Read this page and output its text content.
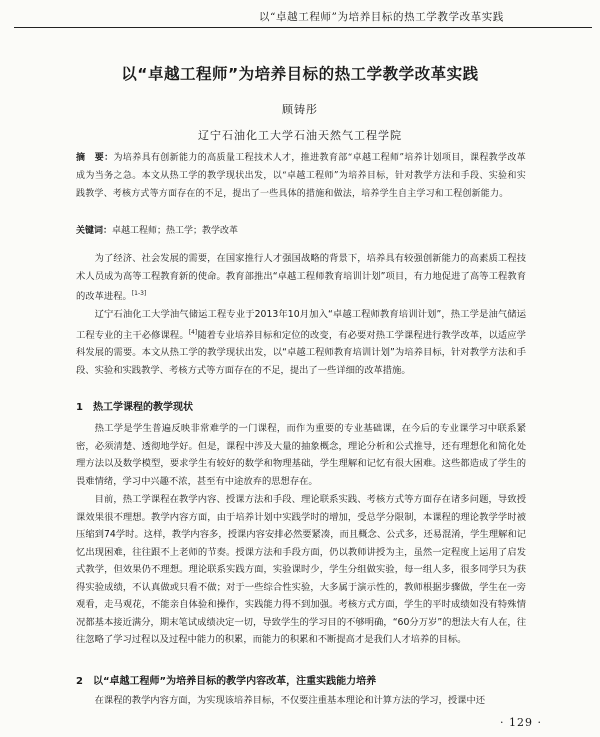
以“卓越工程师”为培养目标的热工学教学改革实践
以“卓越工程师”为培养目标的热工学教学改革实践
顾铸彤
辽宁石油化工大学石油天然气工程学院
摘　要：为培养具有创新能力的高质量工程技术人才，推进教育部“卓越工程师”培养计划项目，课程教学改革成为当务之急。本文从热工学的教学现状出发，以“卓越工程师”为培养目标，针对教学方法和手段、实验和实践教学、考核方式等方面存在的不足，提出了一些具体的措施和做法，培养学生自主学习和工程创新能力。
关键词：卓越工程师；热工学；教学改革

为了经济、社会发展的需要，在国家推行人才强国战略的背景下，培养具有较强创新能力的高素质工程技术人员成为高等工程教育新的使命。教育部推出“卓越工程师教育培训计划”项目，有力地促进了高等工程教育的改革进程。[1-3]

辽宁石油化工大学油气储运工程专业于2013年10月加入“卓越工程师教育培训计划”，热工学是油气储运工程专业的主干必修课程。[4]随着专业培养目标和定位的改变，有必要对热工学课程进行教学改革，以适应学科发展的需要。本文从热工学的教学现状出发，以“卓越工程师教育培训计划”为培养目标，针对教学方法和手段、实验和实践教学、考核方式等方面存在的不足，提出了一些详细的改革措施。

1　热工学课程的教学现状

热工学是学生普遍反映非常难学的一门课程，而作为重要的专业基础课，在今后的专业课学习中联系紧密，必须清楚、透彻地学好。但是，课程中涉及大量的抽象概念，理论分析和公式推导，还有理想化和简化处理方法以及数学模型，要求学生有较好的数学和物理基础，学生理解和记忆有很大困难。这些都造成了学生的畏难情绪，学习中兴趣不浓，甚至有中途放弃的思想存在。

目前，热工学课程在教学内容、授课方法和手段、理论联系实践、考核方式等方面存在诸多问题，导致授课效果很不理想。教学内容方面，由于培养计划中实践学时的增加，受总学分限制，本课程的理论教学学时被压缩到74学时。这样，教学内容多，授课内容安排必然要紧凑，而且概念、公式多，还易混淆，学生理解和记忆出现困难，往往跟不上老师的节奏。授课方法和手段方面，仍以教师讲授为主，虽然一定程度上运用了启发式教学，但效果仍不理想。理论联系实践方面，实验课时少，学生分组做实验，每一组人多，很多同学只为获得实验成绩，不认真做或只看不做；对于一些综合性实验，大多属于演示性的，教师根据步骤做，学生在一旁观看，走马观花，不能亲自体验和操作，实践能力得不到加强。考核方式方面，学生的平时成绩如没有特殊情况都基本接近满分，期末笔试成绩决定一切，导致学生的学习目的不够明确，“60分万岁”的想法大有人在，往往忽略了学习过程以及过程中能力的积累，而能力的积累和不断提高才是我们人才培养的目标。

2　以“卓越工程师”为培养目标的教学内容改革，注重实践能力培养

在课程的教学内容方面，为实现该培养目标，不仅要注重基本理论和计算方法的学习，授课中还

· 129 ·
